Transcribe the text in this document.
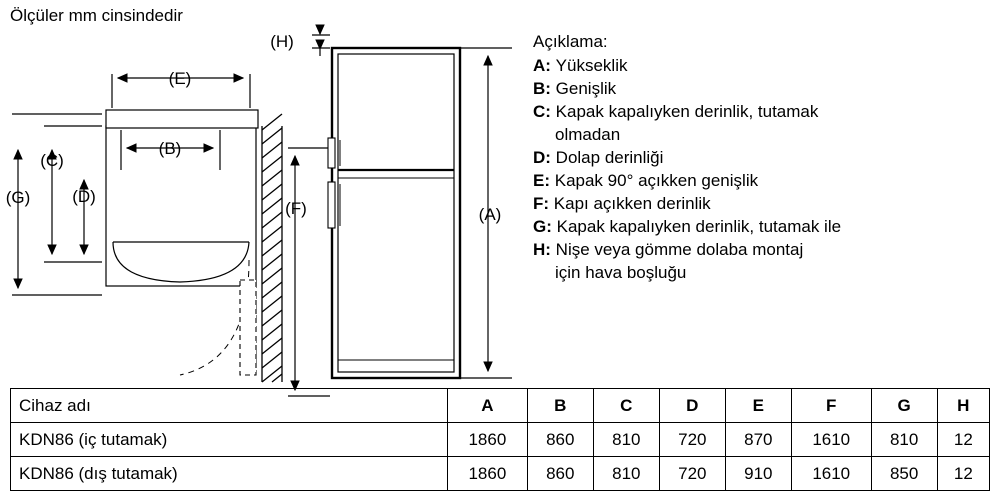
Ölçüler mm cinsindedir
(E)
(B)
(G)
(C)
(D)
(F)
(H)
(A)
Açıklama:
A : Yükseklik
B : Genişlik
C : Kapak kapalıyken derinlik, tutamak
olmadan
D : Dolap derinliği
E : Kapak 90° açıkken genişlik
F : Kapı açıkken derinlik
G : Kapak kapalıyken derinlik, tutamak ile
H : Nişe veya gömme dolaba montaj
için hava boşluğu
Cihaz adı	A	B	C	D	E	F	G	H
KDN86 (iç tutamak)	1860	860	810	720	870	1610	810	12
KDN86 (dış tutamak)	1860	860	810	720	910	1610	850	12
